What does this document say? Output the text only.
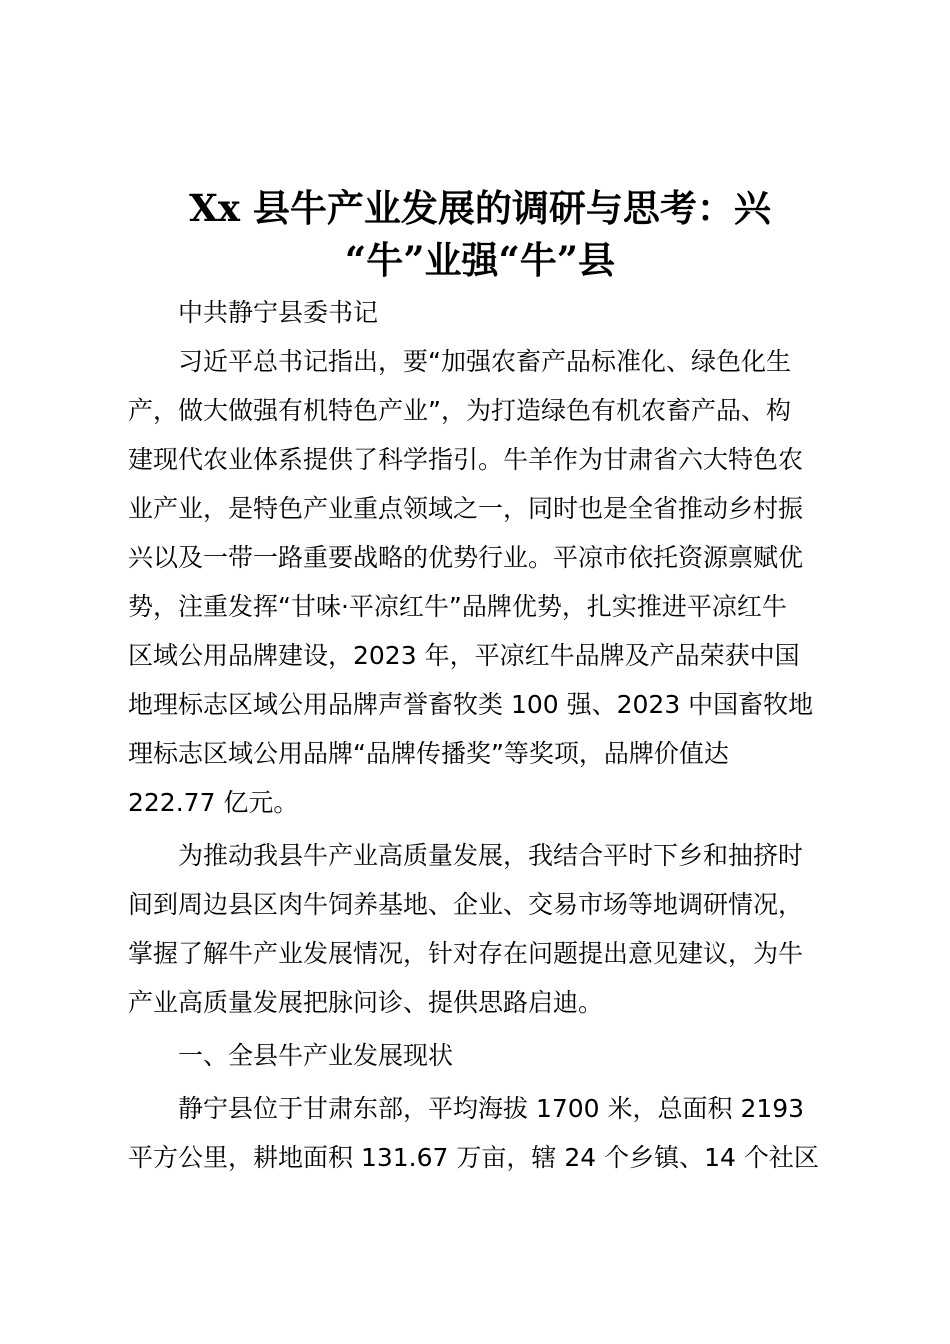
Xx 县牛产业发展的调研与思考：兴
“牛”业强“牛”县

中共静宁县委书记

习近平总书记指出，要“加强农畜产品标准化、绿色化生
产，做大做强有机特色产业”，为打造绿色有机农畜产品、构
建现代农业体系提供了科学指引。牛羊作为甘肃省六大特色农
业产业，是特色产业重点领域之一，同时也是全省推动乡村振
兴以及一带一路重要战略的优势行业。平凉市依托资源禀赋优
势，注重发挥“甘味·平凉红牛”品牌优势，扎实推进平凉红牛
区域公用品牌建设，2023 年，平凉红牛品牌及产品荣获中国
地理标志区域公用品牌声誉畜牧类 100 强、2023 中国畜牧地
理标志区域公用品牌“品牌传播奖”等奖项，品牌价值达
222.77 亿元。

为推动我县牛产业高质量发展，我结合平时下乡和抽挤时
间到周边县区肉牛饲养基地、企业、交易市场等地调研情况，
掌握了解牛产业发展情况，针对存在问题提出意见建议，为牛
产业高质量发展把脉问诊、提供思路启迪。

一、全县牛产业发展现状

静宁县位于甘肃东部，平均海拔 1700 米，总面积 2193
平方公里，耕地面积 131.67 万亩，辖 24 个乡镇、14 个社区
